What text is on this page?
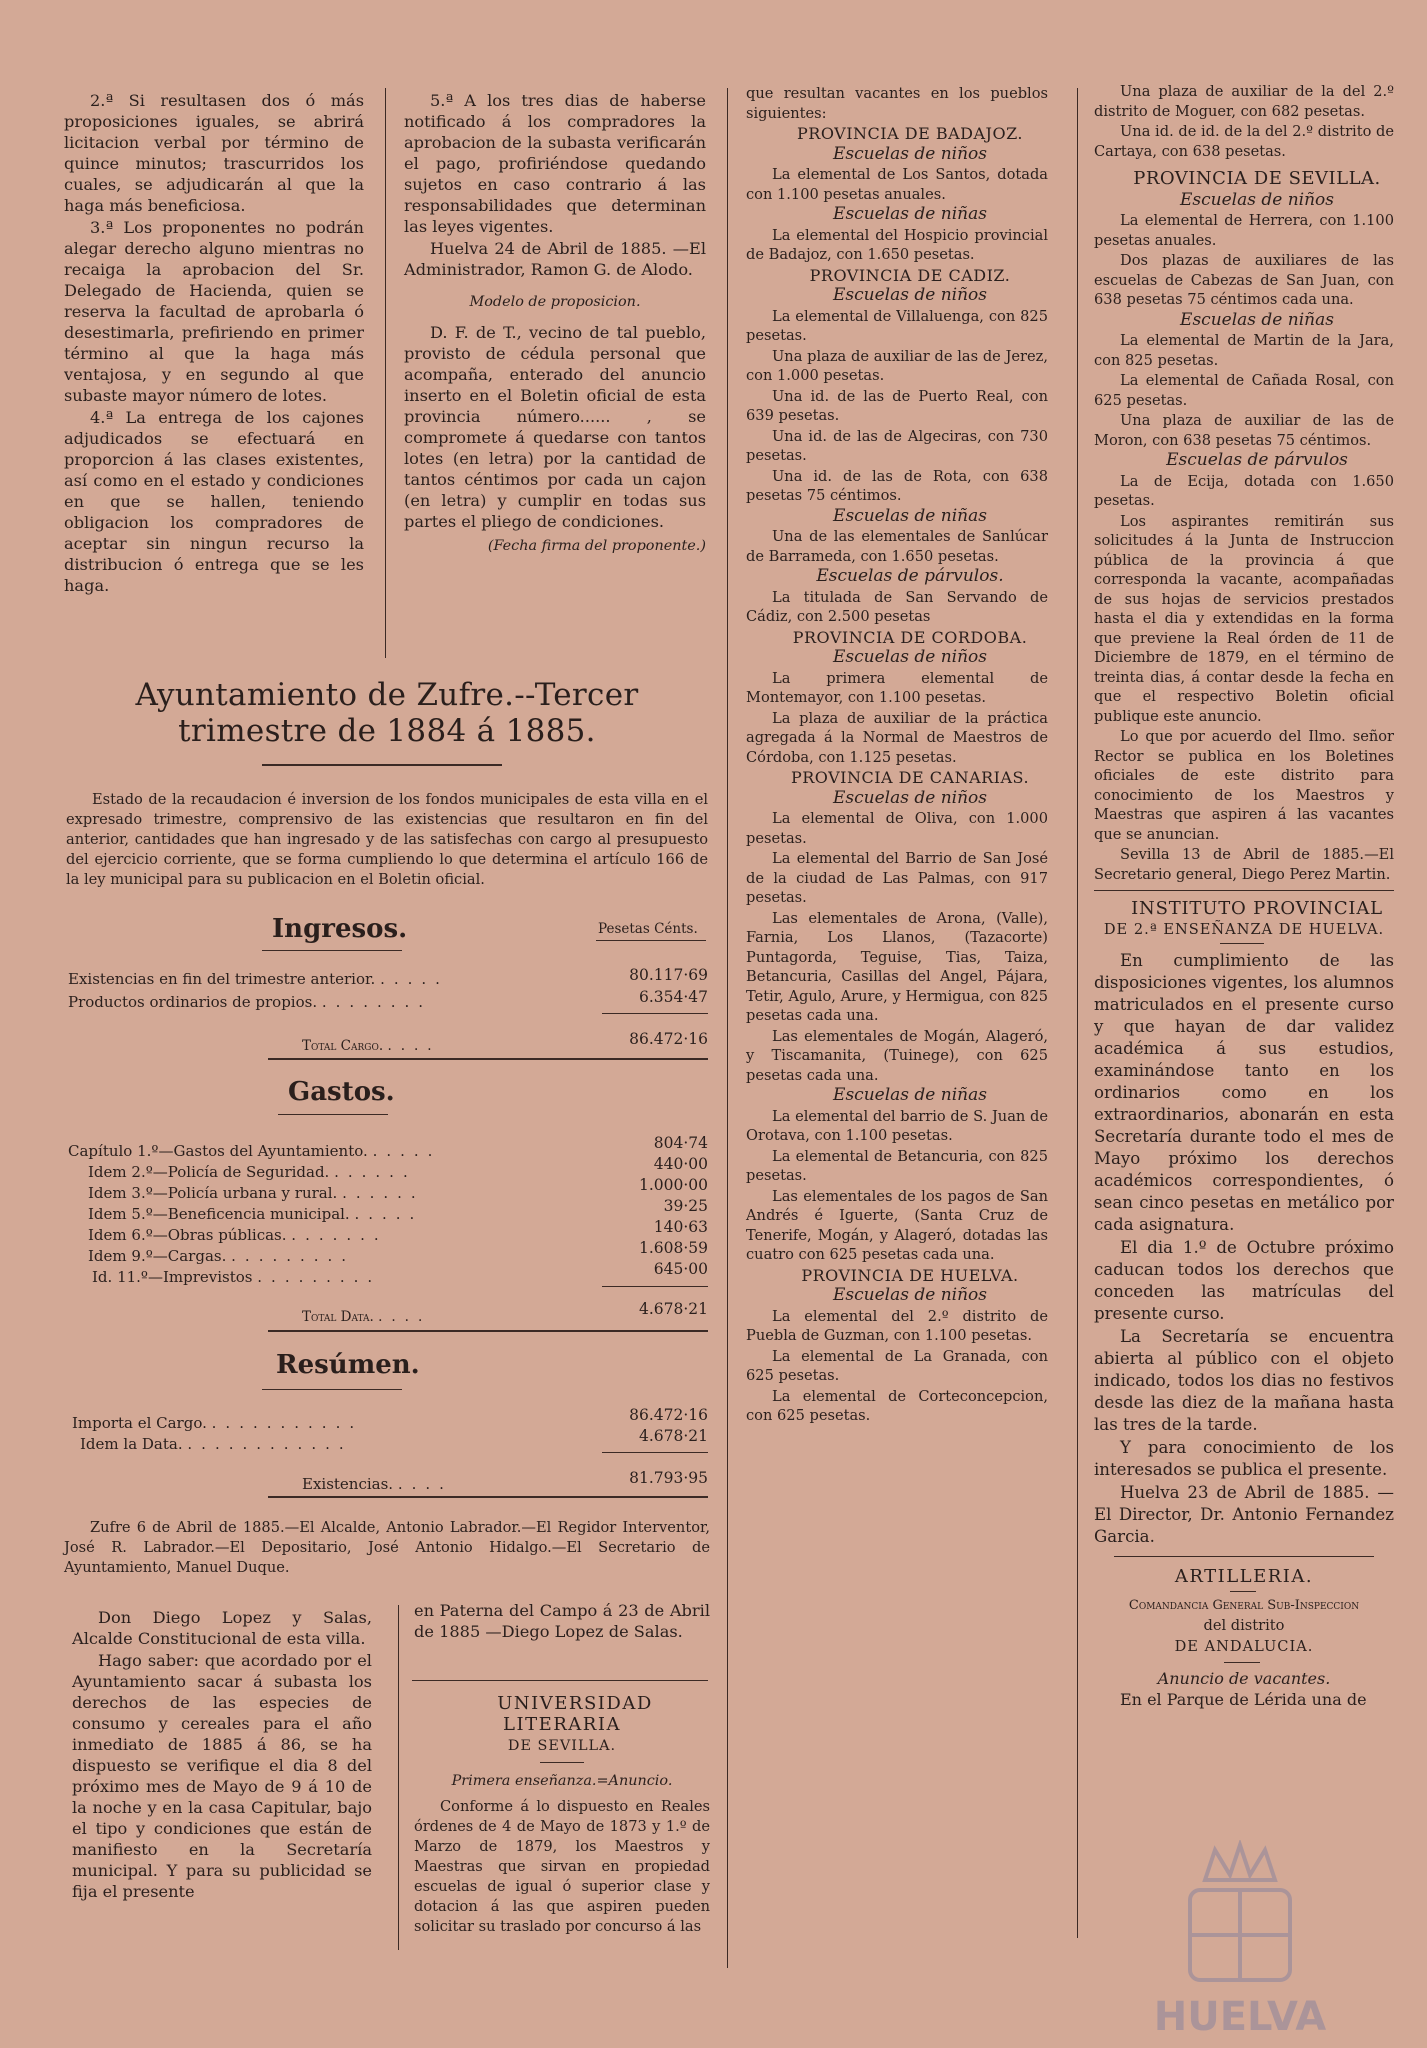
2.ª Si resultasen dos ó más proposiciones iguales, se abrirá licitacion verbal por término de quince minutos; trascurridos los cuales, se adjudicarán al que la haga más beneficiosa.

3.ª Los proponentes no podrán alegar derecho alguno mientras no recaiga la aprobacion del Sr. Delegado de Hacienda, quien se reserva la facultad de aprobarla ó desestimarla, prefiriendo en primer término al que la haga más ventajosa, y en segundo al que subaste mayor número de lotes.

4.ª La entrega de los cajones adjudicados se efectuará en proporcion á las clases existentes, así como en el estado y condiciones en que se hallen, teniendo obligacion los compradores de aceptar sin ningun recurso la distribucion ó entrega que se les haga.

5.ª A los tres dias de haberse notificado á los compradores la aprobacion de la subasta verificarán el pago, profiriéndose quedando sujetos en caso contrario á las responsabilidades que determinan las leyes vigentes.

Huelva 24 de Abril de 1885. —El Administrador, Ramon G. de Alodo.

Modelo de proposicion.

D. F. de T., vecino de tal pueblo, provisto de cédula personal que acompaña, enterado del anuncio inserto en el Boletin oficial de esta provincia número...... , se compromete á quedarse con tantos lotes (en letra) por la cantidad de tantos céntimos por cada un cajon (en letra) y cumplir en todas sus partes el pliego de condiciones.

(Fecha firma del proponente.)

Ayuntamiento de Zufre.--Tercer trimestre de 1884 á 1885.

Estado de la recaudacion é inversion de los fondos municipales de esta villa en el expresado trimestre, comprensivo de las existencias que resultaron en fin del anterior, cantidades que han ingresado y de las satisfechas con cargo al presupuesto del ejercicio corriente, que se forma cumpliendo lo que determina el artículo 166 de la ley municipal para su publicacion en el Boletin oficial.

Ingresos.	Pesetas Cénts.
Existencias en fin del trimestre anterior. .....	80.117·69
Productos ordinarios de propios. ........	6.354·47
Total Cargo. ....	86.472·16
Gastos.
Capítulo 1.º—Gastos del Ayuntamiento. .....	804·74
Idem 2.º—Policía de Seguridad. ......	440·00
Idem 3.º—Policía urbana y rural. ......	1.000·00
Idem 5.º—Beneficencia municipal. .....	39·25
Idem 6.º—Obras públicas. .......	140·63
Idem 9.º—Cargas. .........	1.608·59
Id. 11.º—Imprevistos .........	645·00
Total Data. ....	4.678·21
Resúmen.
Importa el Cargo. ...........	86.472·16
Idem la Data. ............	4.678·21
Existencias. ....	81.793·95

Zufre 6 de Abril de 1885.—El Alcalde, Antonio Labrador.—El Regidor Interventor, José R. Labrador.—El Depositario, José Antonio Hidalgo.—El Secretario de Ayuntamiento, Manuel Duque.

Don Diego Lopez y Salas, Alcalde Constitucional de esta villa.

Hago saber: que acordado por el Ayuntamiento sacar á subasta los derechos de las especies de consumo y cereales para el año inmediato de 1885 á 86, se ha dispuesto se verifique el dia 8 del próximo mes de Mayo de 9 á 10 de la noche y en la casa Capitular, bajo el tipo y condiciones que están de manifiesto en la Secretaría municipal. Y para su publicidad se fija el presente

en Paterna del Campo á 23 de Abril de 1885 —Diego Lopez de Salas.

UNIVERSIDAD LITERARIA

DE SEVILLA.

Primera enseñanza.=Anuncio.

Conforme á lo dispuesto en Reales órdenes de 4 de Mayo de 1873 y 1.º de Marzo de 1879, los Maestros y Maestras que sirvan en propiedad escuelas de igual ó superior clase y dotacion á las que aspiren pueden solicitar su traslado por concurso á las

que resultan vacantes en los pueblos siguientes:

PROVINCIA DE BADAJOZ.

Escuelas de niños

La elemental de Los Santos, dotada con 1.100 pesetas anuales.

Escuelas de niñas

La elemental del Hospicio provincial de Badajoz, con 1.650 pesetas.

PROVINCIA DE CADIZ.

Escuelas de niños

La elemental de Villaluenga, con 825 pesetas.

Una plaza de auxiliar de las de Jerez, con 1.000 pesetas.

Una id. de las de Puerto Real, con 639 pesetas.

Una id. de las de Algeciras, con 730 pesetas.

Una id. de las de Rota, con 638 pesetas 75 céntimos.

Escuelas de niñas

Una de las elementales de Sanlúcar de Barrameda, con 1.650 pesetas.

Escuelas de párvulos.

La titulada de San Servando de Cádiz, con 2.500 pesetas

PROVINCIA DE CORDOBA.

Escuelas de niños

La primera elemental de Montemayor, con 1.100 pesetas.

La plaza de auxiliar de la práctica agregada á la Normal de Maestros de Córdoba, con 1.125 pesetas.

PROVINCIA DE CANARIAS.

Escuelas de niños

La elemental de Oliva, con 1.000 pesetas.

La elemental del Barrio de San José de la ciudad de Las Palmas, con 917 pesetas.

Las elementales de Arona, (Valle), Farnia, Los Llanos, (Tazacorte) Puntagorda, Teguise, Tias, Taiza, Betancuria, Casillas del Angel, Pájara, Tetir, Agulo, Arure, y Hermigua, con 825 pesetas cada una.

Las elementales de Mogán, Alageró, y Tiscamanita, (Tuinege), con 625 pesetas cada una.

Escuelas de niñas

La elemental del barrio de S. Juan de Orotava, con 1.100 pesetas.

La elemental de Betancuria, con 825 pesetas.

Las elementales de los pagos de San Andrés é Iguerte, (Santa Cruz de Tenerife, Mogán, y Alageró, dotadas las cuatro con 625 pesetas cada una.

PROVINCIA DE HUELVA.

Escuelas de niños

La elemental del 2.º distrito de Puebla de Guzman, con 1.100 pesetas.

La elemental de La Granada, con 625 pesetas.

La elemental de Corteconcepcion, con 625 pesetas.

Una plaza de auxiliar de la del 2.º distrito de Moguer, con 682 pesetas.

Una id. de id. de la del 2.º distrito de Cartaya, con 638 pesetas.

PROVINCIA DE SEVILLA.

Escuelas de niños

La elemental de Herrera, con 1.100 pesetas anuales.

Dos plazas de auxiliares de las escuelas de Cabezas de San Juan, con 638 pesetas 75 céntimos cada una.

Escuelas de niñas

La elemental de Martin de la Jara, con 825 pesetas.

La elemental de Cañada Rosal, con 625 pesetas.

Una plaza de auxiliar de las de Moron, con 638 pesetas 75 céntimos.

Escuelas de párvulos

La de Ecija, dotada con 1.650 pesetas.

Los aspirantes remitirán sus solicitudes á la Junta de Instruccion pública de la provincia á que corresponda la vacante, acompañadas de sus hojas de servicios prestados hasta el dia y extendidas en la forma que previene la Real órden de 11 de Diciembre de 1879, en el término de treinta dias, á contar desde la fecha en que el respectivo Boletin oficial publique este anuncio.

Lo que por acuerdo del Ilmo. señor Rector se publica en los Boletines oficiales de este distrito para conocimiento de los Maestros y Maestras que aspiren á las vacantes que se anuncian.

Sevilla 13 de Abril de 1885.—El Secretario general, Diego Perez Martin.

INSTITUTO PROVINCIAL

DE 2.ª ENSEÑANZA DE HUELVA.

En cumplimiento de las disposiciones vigentes, los alumnos matriculados en el presente curso y que hayan de dar validez académica á sus estudios, examinándose tanto en los ordinarios como en los extraordinarios, abonarán en esta Secretaría durante todo el mes de Mayo próximo los derechos académicos correspondientes, ó sean cinco pesetas en metálico por cada asignatura.

El dia 1.º de Octubre próximo caducan todos los derechos que conceden las matrículas del presente curso.

La Secretaría se encuentra abierta al público con el objeto indicado, todos los dias no festivos desde las diez de la mañana hasta las tres de la tarde.

Y para conocimiento de los interesados se publica el presente.

Huelva 23 de Abril de 1885. —El Director, Dr. Antonio Fernandez Garcia.

ARTILLERIA.

Comandancia General Sub-Inspeccion

del distrito

DE ANDALUCIA.

Anuncio de vacantes.

En el Parque de Lérida una de

HUELVA
